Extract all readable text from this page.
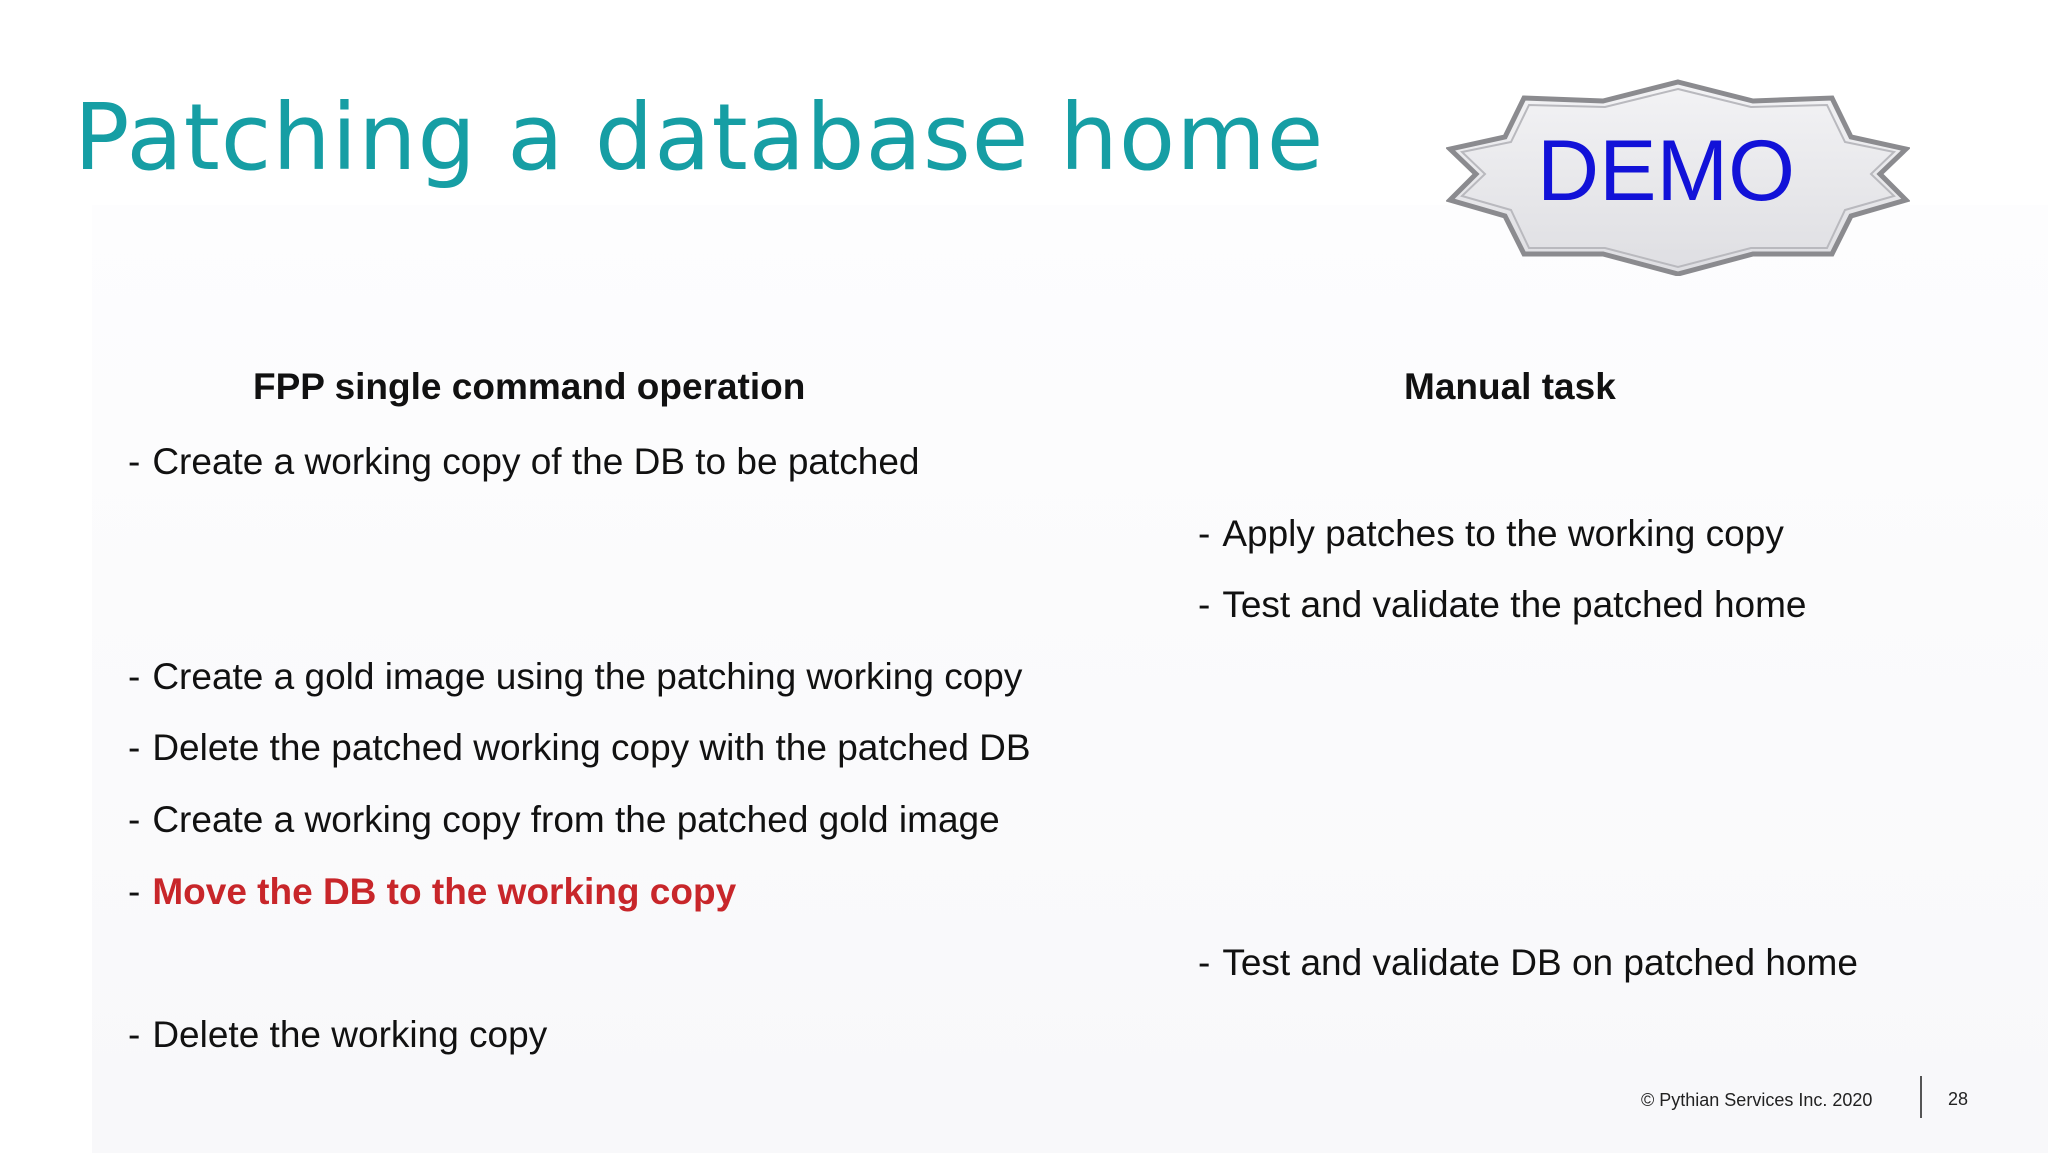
Patching a database home	DEMO
FPP single command operation	Manual task

- Create a working copy of the DB to be patched

- Apply patches to the working copy

- Test and validate the patched home

- Create a gold image using the patching working copy

- Delete the patched working copy with the patched DB

- Create a working copy from the patched gold image

- Move the DB to the working copy

- Test and validate DB on patched home

- Delete the working copy

© Pythian Services Inc. 2020	28
